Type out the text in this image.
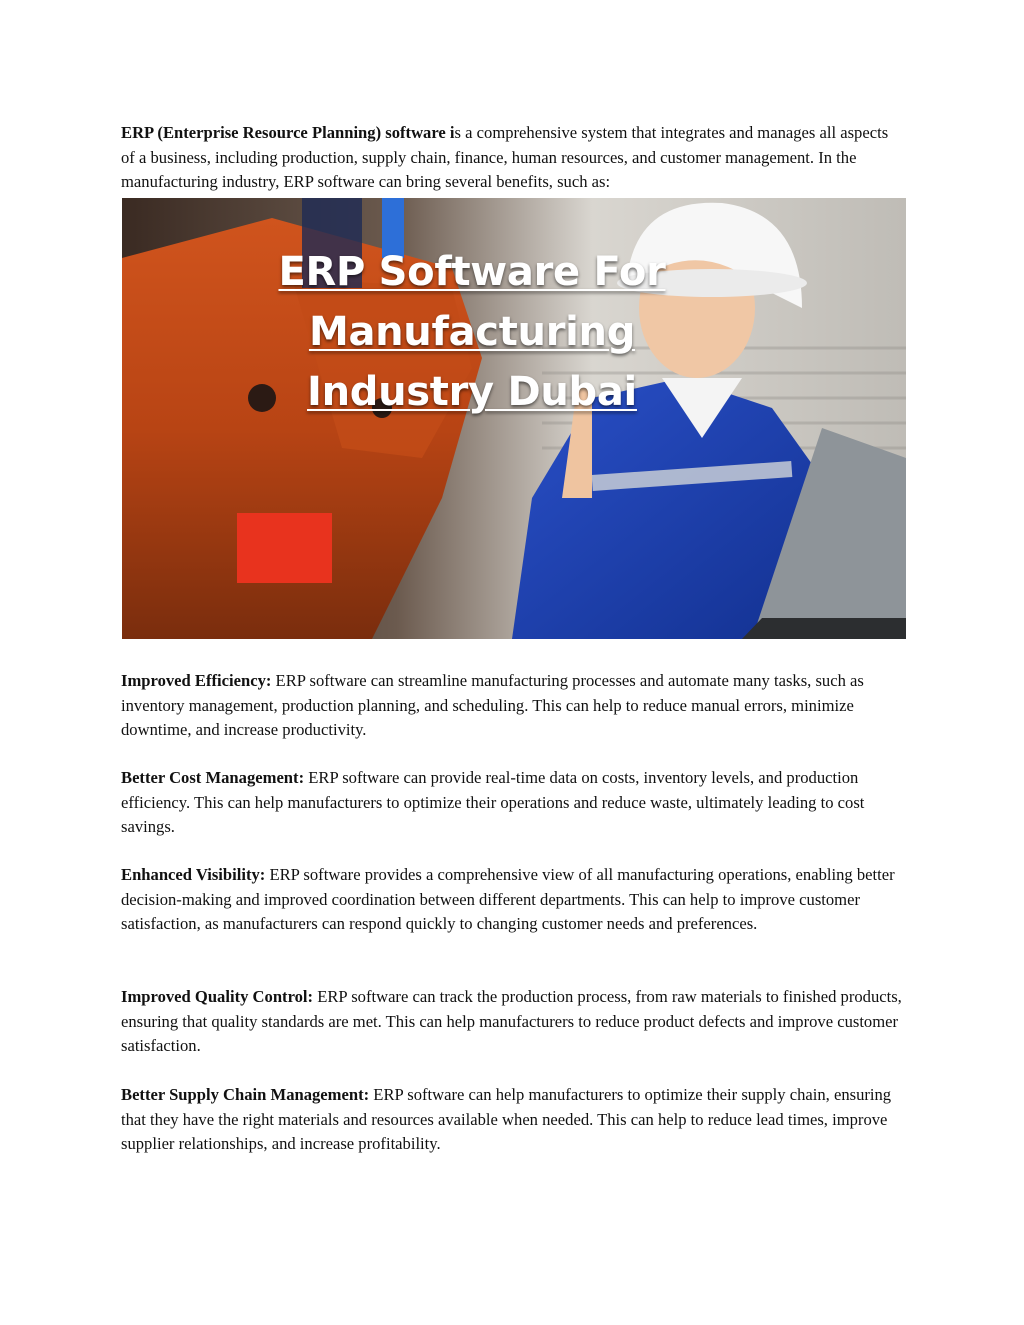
ERP (Enterprise Resource Planning) software is a comprehensive system that integrates and manages all aspects of a business, including production, supply chain, finance, human resources, and customer management. In the manufacturing industry, ERP software can bring several benefits, such as:

ERP Software For Manufacturing
Industry Dubai

Improved Efficiency: ERP software can streamline manufacturing processes and automate many tasks, such as inventory management, production planning, and scheduling. This can help to reduce manual errors, minimize downtime, and increase productivity.

Better Cost Management: ERP software can provide real-time data on costs, inventory levels, and production efficiency. This can help manufacturers to optimize their operations and reduce waste, ultimately leading to cost savings.

Enhanced Visibility: ERP software provides a comprehensive view of all manufacturing operations, enabling better decision-making and improved coordination between different departments. This can help to improve customer satisfaction, as manufacturers can respond quickly to changing customer needs and preferences.

Improved Quality Control: ERP software can track the production process, from raw materials to finished products, ensuring that quality standards are met. This can help manufacturers to reduce product defects and improve customer satisfaction.

Better Supply Chain Management: ERP software can help manufacturers to optimize their supply chain, ensuring that they have the right materials and resources available when needed. This can help to reduce lead times, improve supplier relationships, and increase profitability.
